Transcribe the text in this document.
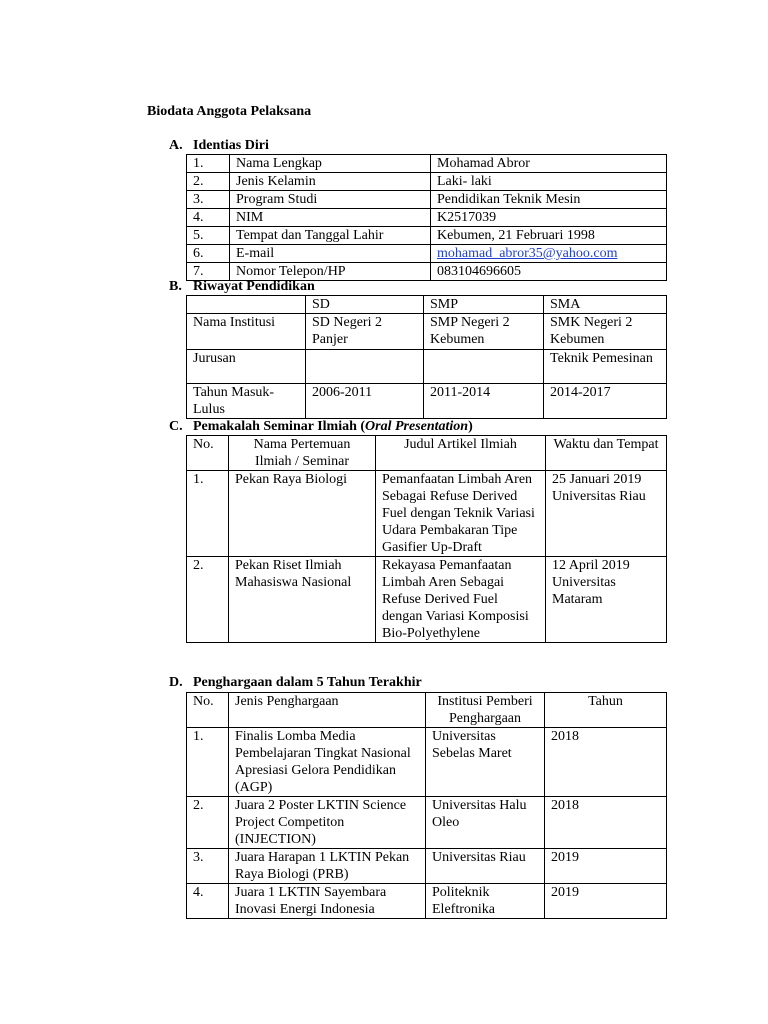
Biodata Anggota Pelaksana
A. Identias Diri
1.	Nama Lengkap	Mohamad Abror
2.	Jenis Kelamin	Laki- laki
3.	Program Studi	Pendidikan Teknik Mesin
4.	NIM	K2517039
5.	Tempat dan Tanggal Lahir	Kebumen, 21 Februari 1998
6.	E-mail	mohamad_abror35@yahoo.com
7.	Nomor Telepon/HP	083104696605
B. Riwayat Pendidikan
	SD	SMP	SMA
Nama Institusi	SD Negeri 2 Panjer	SMP Negeri 2 Kebumen	SMK Negeri 2 Kebumen
Jurusan			Teknik Pemesinan
Tahun Masuk-Lulus	2006-2011	2011-2014	2014-2017
C. Pemakalah Seminar Ilmiah (Oral Presentation)
No.	Nama Pertemuan Ilmiah / Seminar	Judul Artikel Ilmiah	Waktu dan Tempat
1.	Pekan Raya Biologi	Pemanfaatan Limbah Aren Sebagai Refuse Derived Fuel dengan Teknik Variasi Udara Pembakaran Tipe Gasifier Up-Draft	25 Januari 2019 Universitas Riau
2.	Pekan Riset Ilmiah Mahasiswa Nasional	Rekayasa Pemanfaatan Limbah Aren Sebagai Refuse Derived Fuel dengan Variasi Komposisi Bio-Polyethylene	12 April 2019 Universitas Mataram
D. Penghargaan dalam 5 Tahun Terakhir
No.	Jenis Penghargaan	Institusi Pemberi Penghargaan	Tahun
1.	Finalis Lomba Media Pembelajaran Tingkat Nasional Apresiasi Gelora Pendidikan (AGP)	Universitas Sebelas Maret	2018
2.	Juara 2 Poster LKTIN Science Project Competiton (INJECTION)	Universitas Halu Oleo	2018
3.	Juara Harapan 1 LKTIN Pekan Raya Biologi (PRB)	Universitas Riau	2019
4.	Juara 1 LKTIN Sayembara Inovasi Energi Indonesia	Politeknik Eleftronika	2019
